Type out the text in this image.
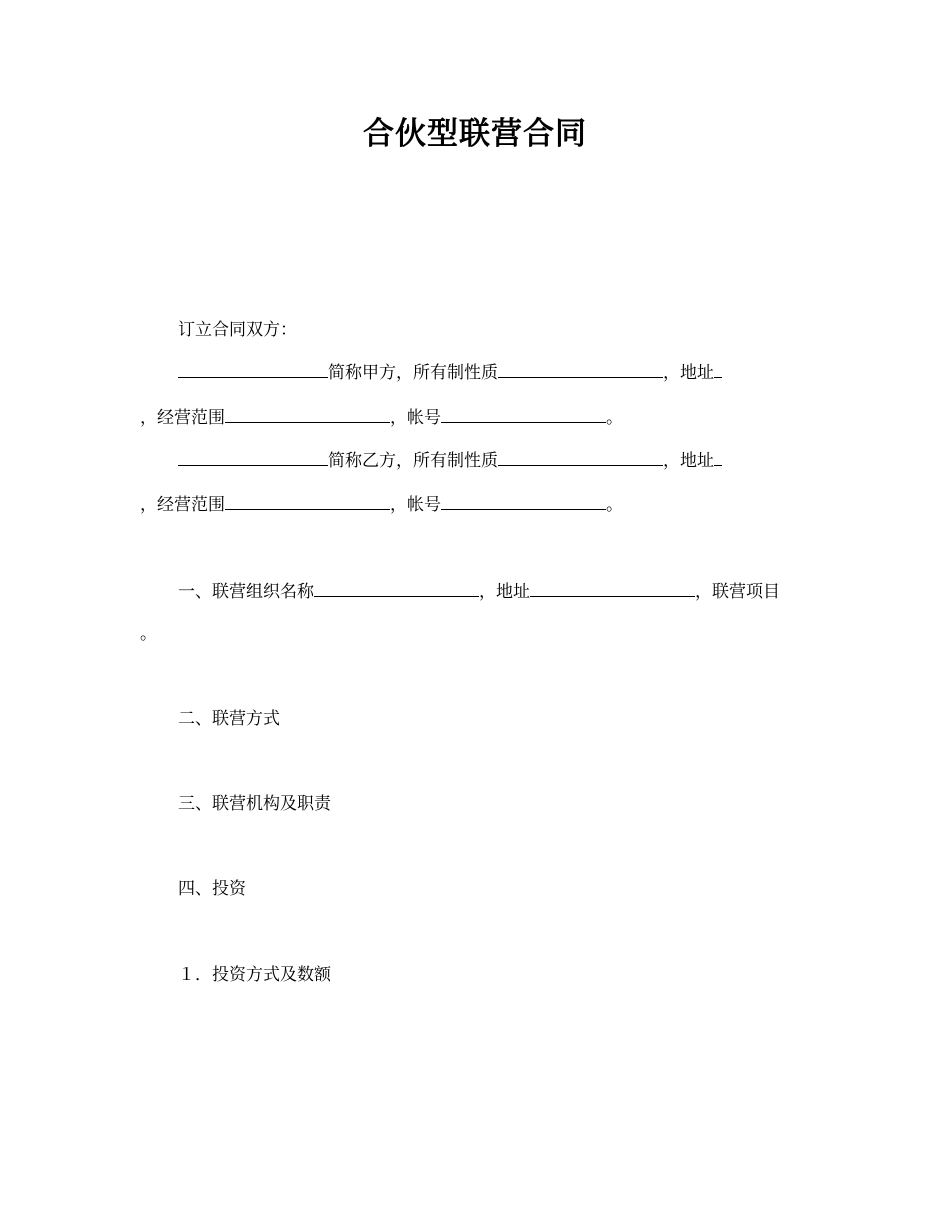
合伙型联营合同
订立合同双方：
简称甲方，所有制性质	，地址
，经营范围	，帐号	。
简称乙方，所有制性质	，地址
，经营范围	，帐号	。
一、联营组织名称	，地址	，联营项目
。
二、联营方式
三、联营机构及职责
四、投资
１．投资方式及数额
